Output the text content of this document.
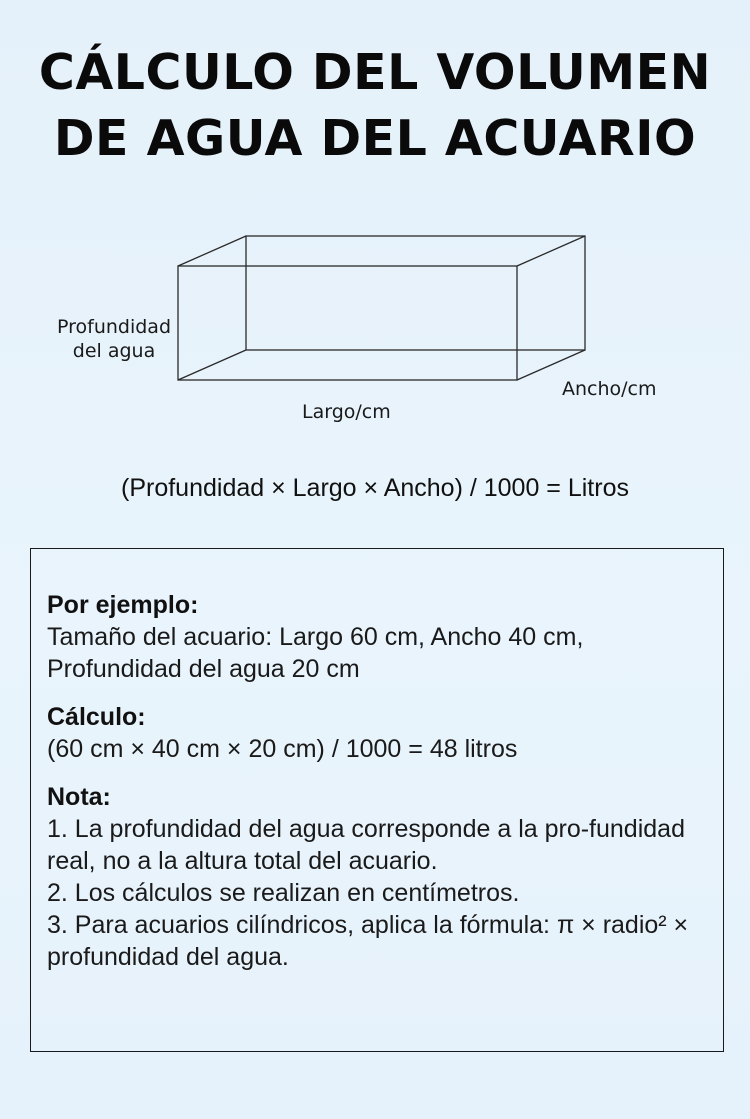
CÁLCULO DEL VOLUMEN
DE AGUA DEL ACUARIO
Profundidad del agua
Ancho/cm
Largo/cm
(Profundidad × Largo × Ancho) / 1000 = Litros
Por ejemplo:
Tamaño del acuario: Largo 60 cm, Ancho 40 cm, Profundidad del agua 20 cm
Cálculo:
(60 cm × 40 cm × 20 cm) / 1000 = 48 litros
Nota:
1. La profundidad del agua corresponde a la pro-fundidad real, no a la altura total del acuario.
2. Los cálculos se realizan en centímetros.
3. Para acuarios cilíndricos, aplica la fórmula: π × radio² × profundidad del agua.
